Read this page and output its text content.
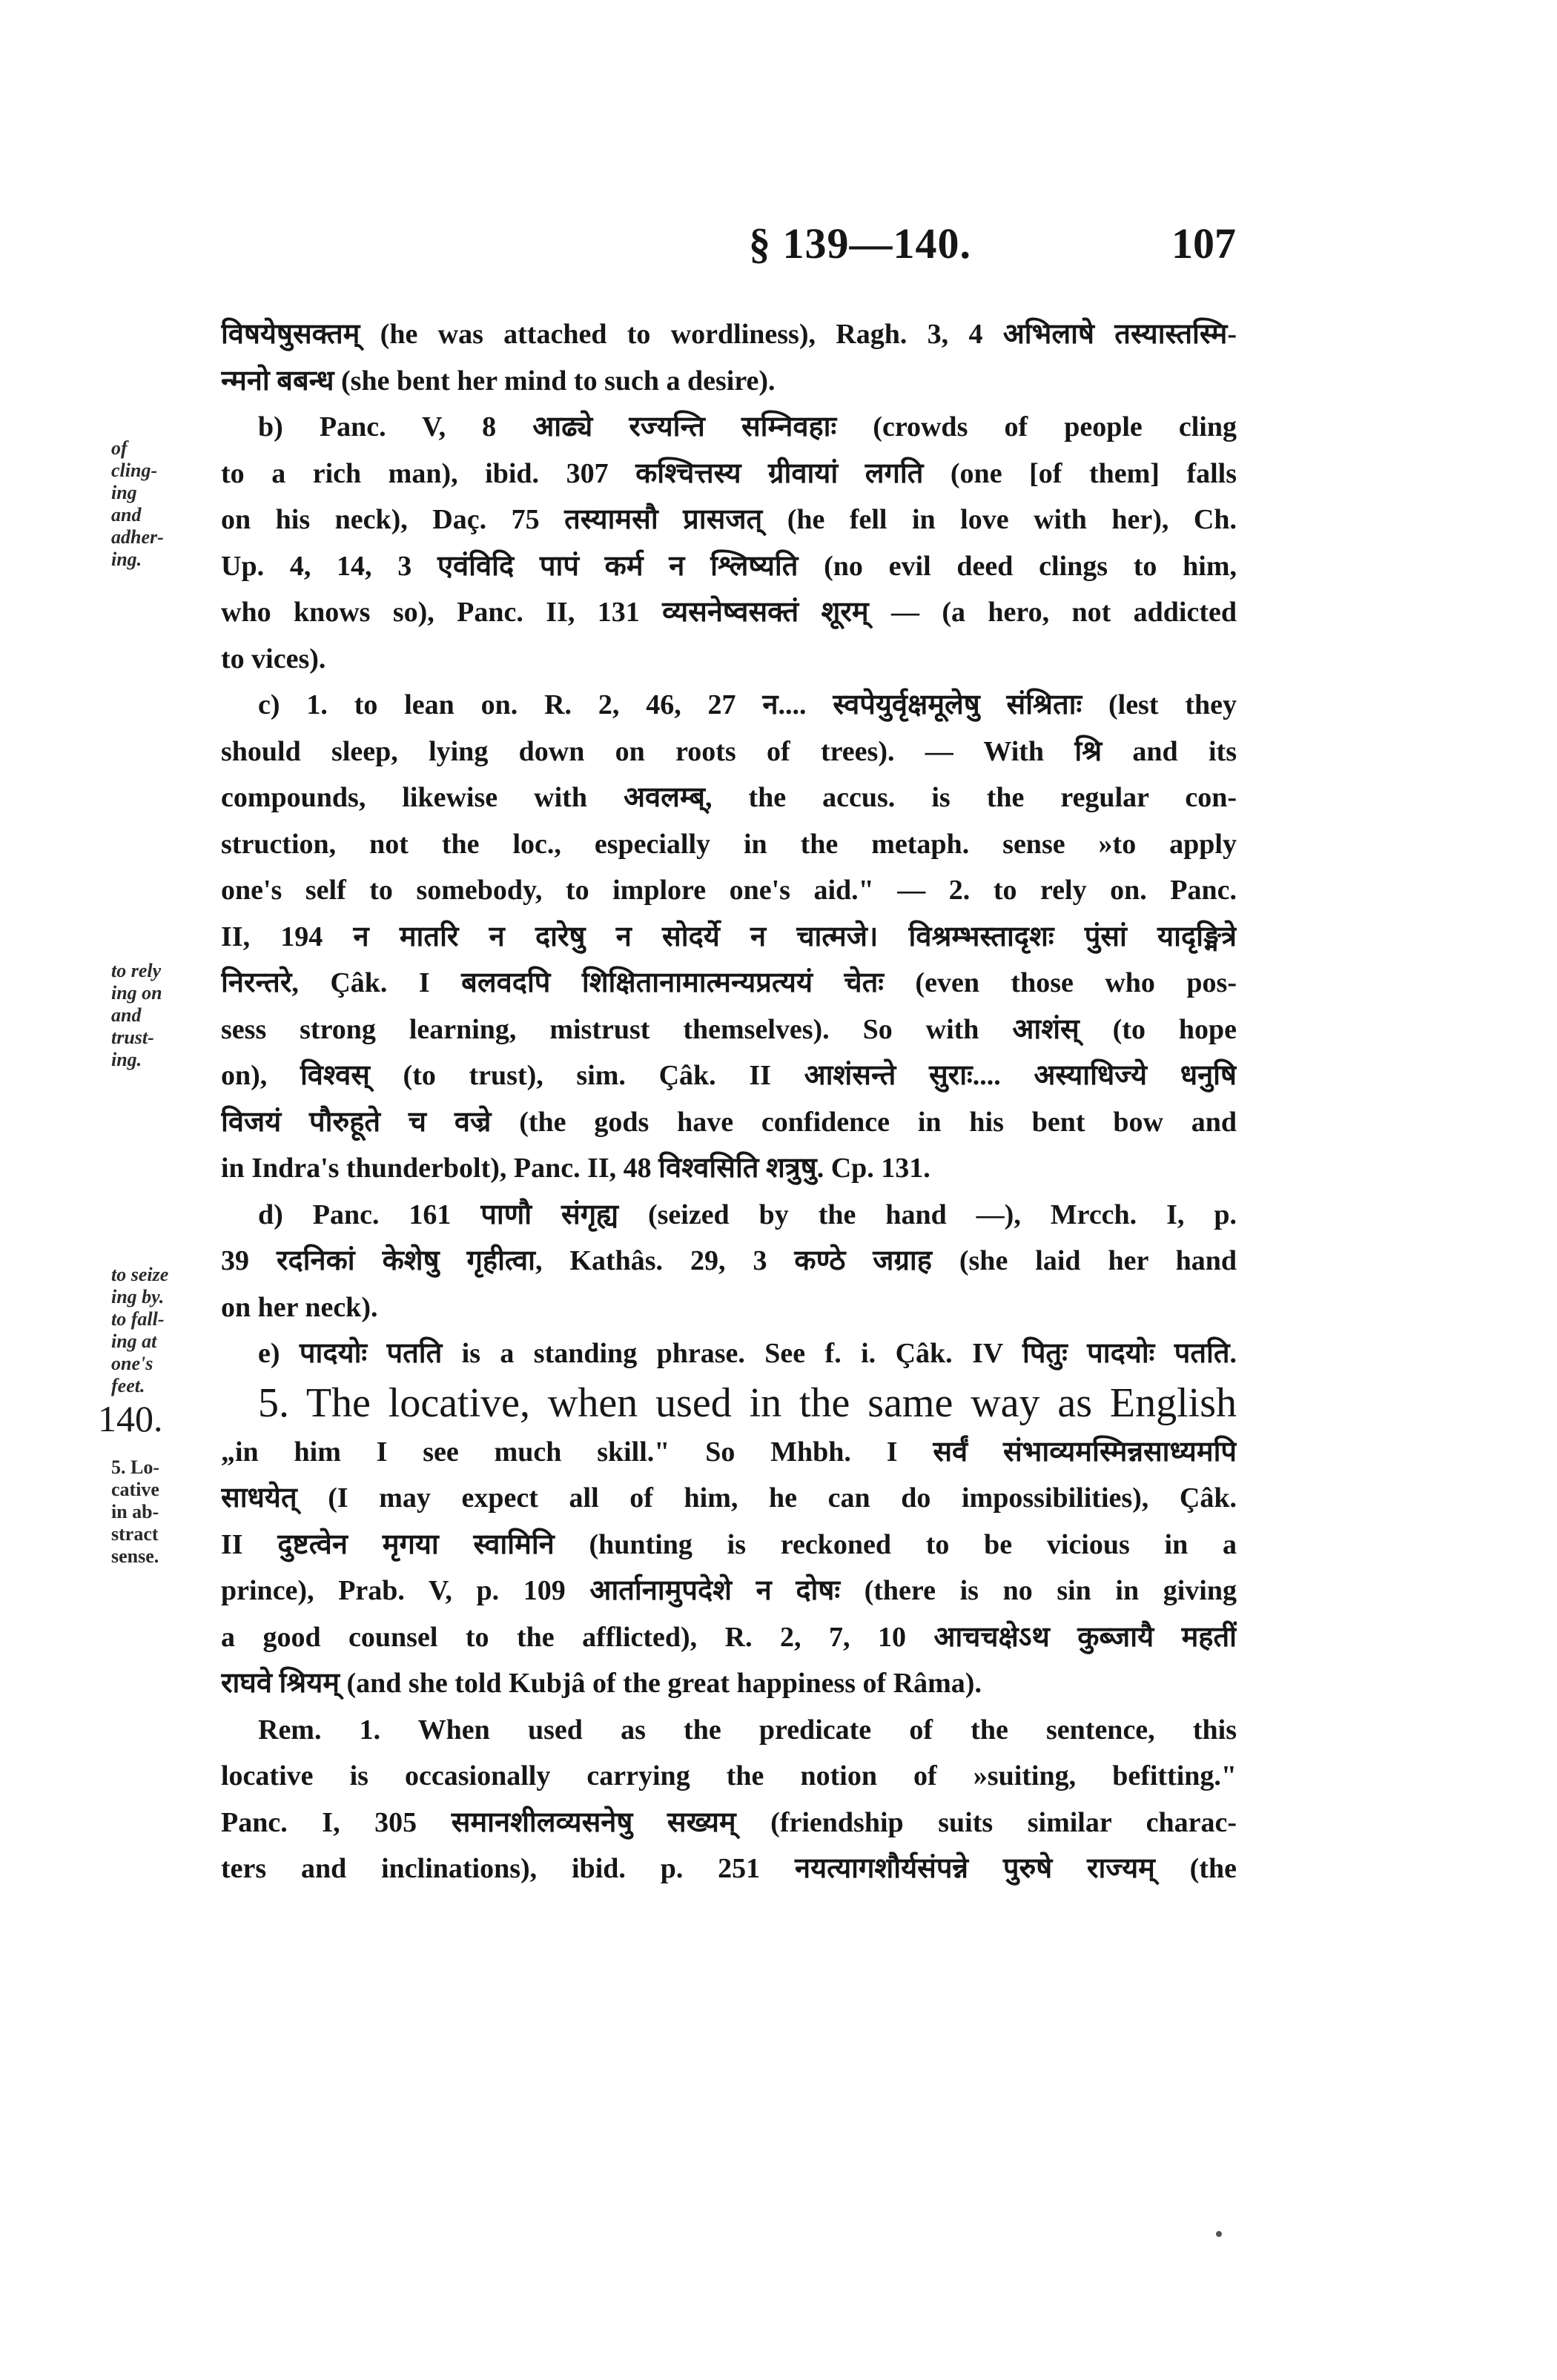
§ 139—140.	107
of
cling-
ing
and
adher-
ing.
to rely
ing on
and
trust-
ing.
to seize
ing by.
to fall-
ing at
one's
feet.
140.
5. Lo-
cative
in ab-
stract
sense.
विषयेषुसक्तम् (he was attached to wordliness), Ragh. 3, 4 अभिलाषे तस्यास्तस्मि-
न्मनो बबन्ध (she bent her mind to such a desire).
b) Panc. V, 8 आढ्ये रज्यन्ति सम्निवहाः (crowds of people cling
to a rich man), ibid. 307 कश्चित्तस्य ग्रीवायां लगति (one [of them] falls
on his neck), Daç. 75 तस्यामसौ प्रासजत् (he fell in love with her), Ch.
Up. 4, 14, 3 एवंविदि पापं कर्म न श्लिष्यति (no evil deed clings to him,
who knows so), Panc. II, 131 व्यसनेष्वसक्तं शूरम् — (a hero, not addicted
to vices).
c) 1. to lean on. R. 2, 46, 27 न.... स्वपेयुर्वृक्षमूलेषु संश्रिताः (lest they
should sleep, lying down on roots of trees). — With श्रि and its
compounds, likewise with अवलम्ब्, the accus. is the regular con-
struction, not the loc., especially in the metaph. sense »to apply
one's self to somebody, to implore one's aid." — 2. to rely on. Panc.
II, 194 न मातरि न दारेषु न सोदर्ये न चात्मजे। विश्रम्भस्तादृशः पुंसां यादृङ्मित्रे
निरन्तरे, Çâk. I बलवदपि शिक्षितानामात्मन्यप्रत्ययं चेतः (even those who pos-
sess strong learning, mistrust themselves). So with आशंस् (to hope
on), विश्वस् (to trust), sim. Çâk. II आशंसन्ते सुराः.... अस्याधिज्ये धनुषि
विजयं पौरुहूते च वज्रे (the gods have confidence in his bent bow and
in Indra's thunderbolt), Panc. II, 48 विश्वसिति शत्रुषु. Cp. 131.
d) Panc. 161 पाणौ संगृह्य (seized by the hand —), Mrcch. I, p.
39 रदनिकां केशेषु गृहीत्वा, Kathâs. 29, 3 कण्ठे जग्राह (she laid her hand
on her neck).
e) पादयोः पतति is a standing phrase. See f. i. Çâk. IV पितुः पादयोः पतति.
5. The locative, when used in the same way as English
„in him I see much skill." So Mhbh. I सर्वं संभाव्यमस्मिन्नसाध्यमपि
साधयेत् (I may expect all of him, he can do impossibilities), Çâk.
II दुष्टत्वेन मृगया स्वामिनि (hunting is reckoned to be vicious in a
prince), Prab. V, p. 109 आर्तानामुपदेशे न दोषः (there is no sin in giving
a good counsel to the afflicted), R. 2, 7, 10 आचचक्षेऽथ कुब्जायै महतीं
राघवे श्रियम् (and she told Kubjâ of the great happiness of Râma).
Rem. 1. When used as the predicate of the sentence, this
locative is occasionally carrying the notion of »suiting, befitting."
Panc. I, 305 समानशीलव्यसनेषु सख्यम् (friendship suits similar charac-
ters and inclinations), ibid. p. 251 नयत्यागशौर्यसंपन्ने पुरुषे राज्यम् (the
